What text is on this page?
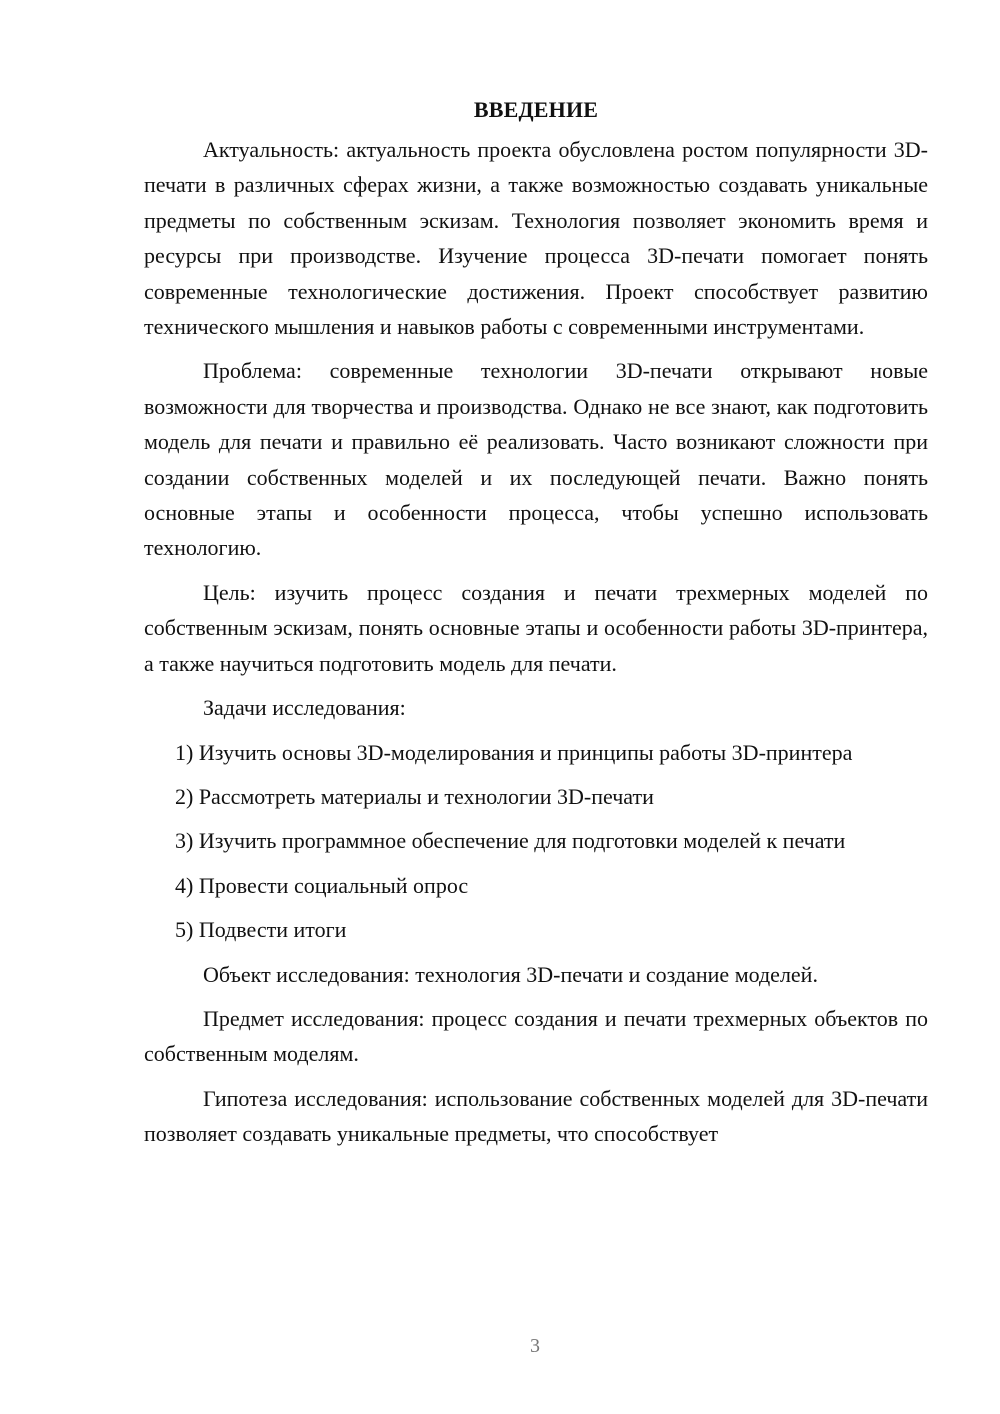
ВВЕДЕНИЕ

Актуальность: актуальность проекта обусловлена ростом популярности 3D-печати в различных сферах жизни, а также возможностью создавать уникальные предметы по собственным эскизам. Технология позволяет экономить время и ресурсы при производстве. Изучение процесса 3D-печати помогает понять современные технологические достижения. Проект способствует развитию технического мышления и навыков работы с современными инструментами.

Проблема: современные технологии 3D-печати открывают новые возможности для творчества и производства. Однако не все знают, как подготовить модель для печати и правильно её реализовать. Часто возникают сложности при создании собственных моделей и их последующей печати. Важно понять основные этапы и особенности процесса, чтобы успешно использовать технологию.

Цель: изучить процесс создания и печати трехмерных моделей по собственным эскизам, понять основные этапы и особенности работы 3D-принтера, а также научиться подготовить модель для печати.

Задачи исследования:

1) Изучить основы 3D-моделирования и принципы работы 3D-принтера

2) Рассмотреть материалы и технологии 3D-печати

3) Изучить программное обеспечение для подготовки моделей к печати

4) Провести социальный опрос

5) Подвести итоги

Объект исследования: технология 3D-печати и создание моделей.

Предмет исследования: процесс создания и печати трехмерных объектов по собственным моделям.

Гипотеза исследования: использование собственных моделей для 3D-печати позволяет создавать уникальные предметы, что способствует

3
